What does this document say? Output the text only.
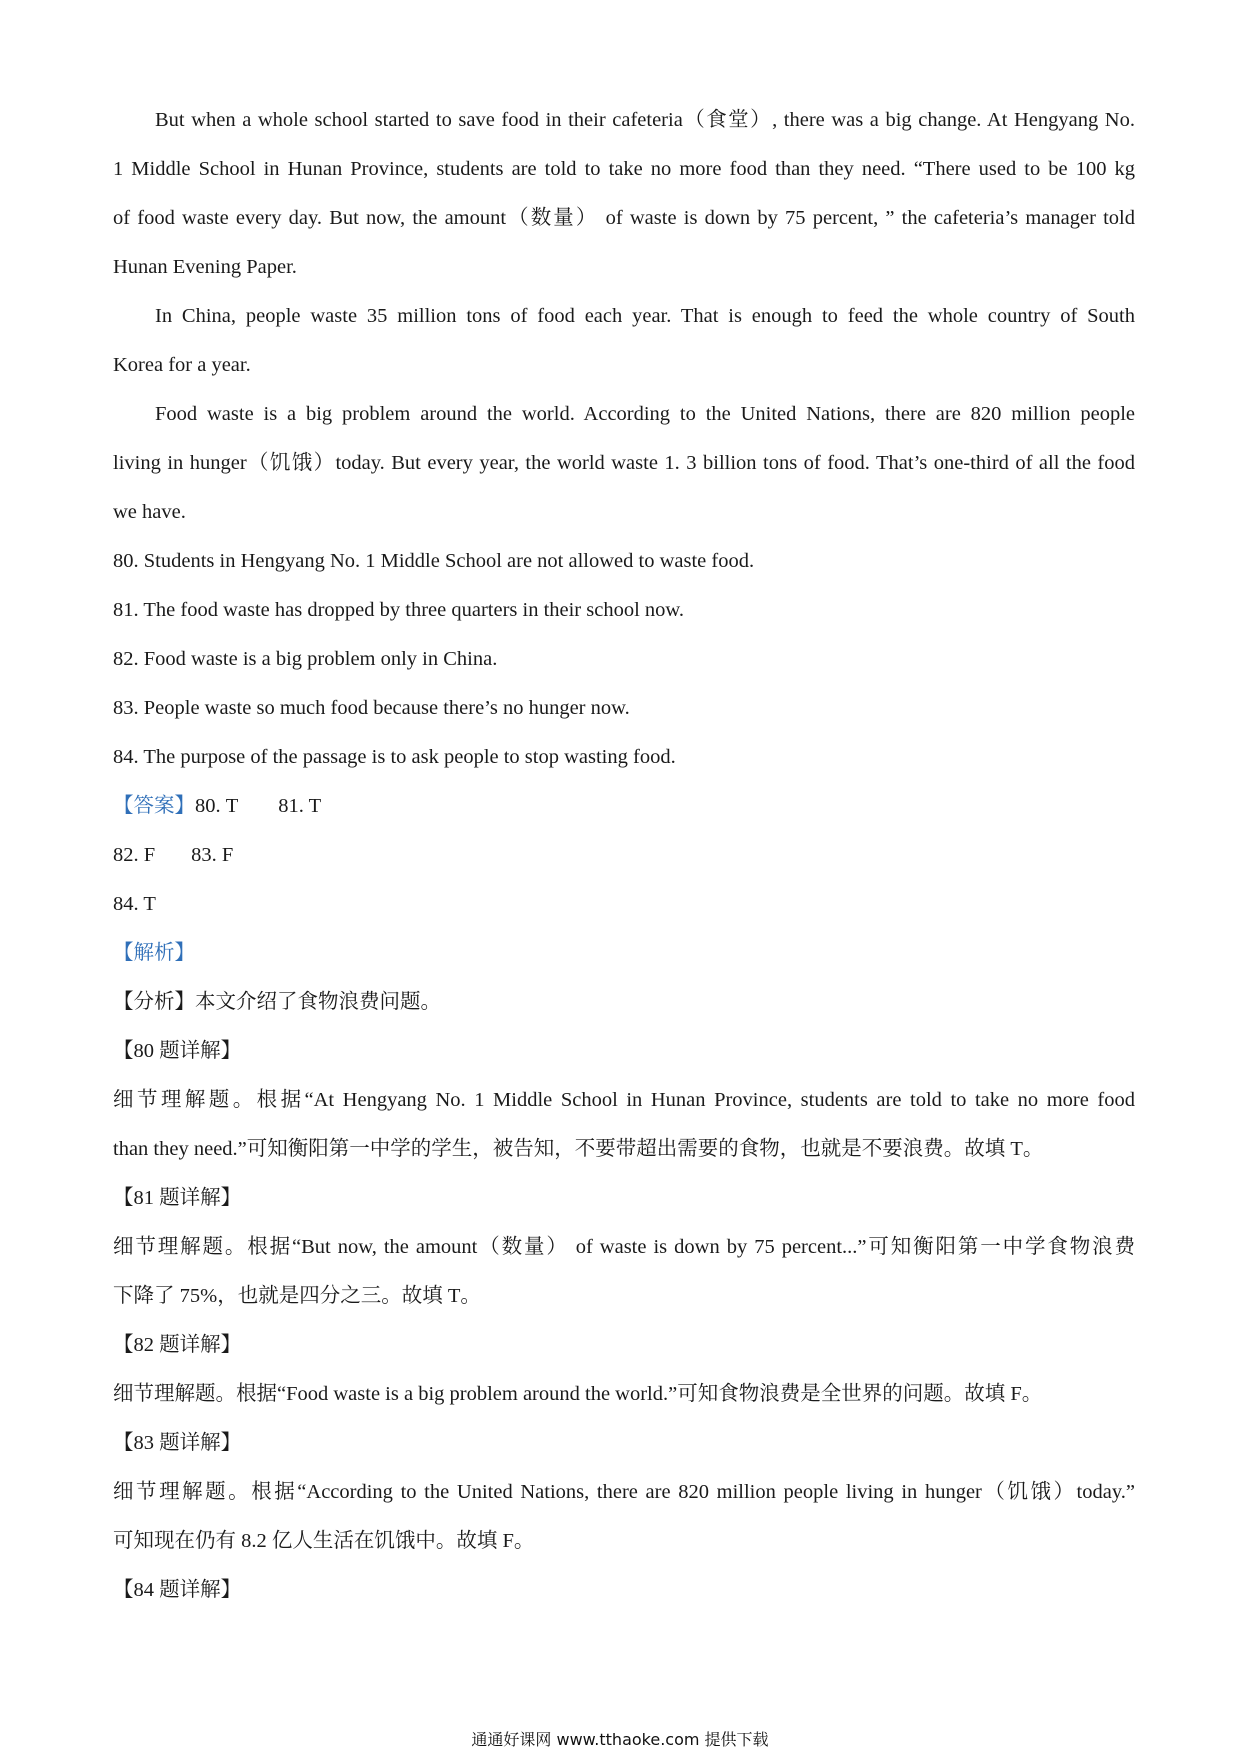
But when a whole school started to save food in their cafeteria（食堂）, there was a big change. At Hengyang No.

1 Middle School in Hunan Province, students are told to take no more food than they need. “There used to be 100 kg

of food waste every day. But now, the amount（数量） of waste is down by 75 percent, ” the cafeteria’s manager told

Hunan Evening Paper.

In China, people waste 35 million tons of food each year. That is enough to feed the whole country of South

Korea for a year.

Food waste is a big problem around the world. According to the United Nations, there are 820 million people

living in hunger（饥饿）today. But every year, the world waste 1. 3 billion tons of food. That’s one-third of all the food

we have.

80. Students in Hengyang No. 1 Middle School are not allowed to waste food.

81. The food waste has dropped by three quarters in their school now.

82. Food waste is a big problem only in China.

83. People waste so much food because there’s no hunger now.

84. The purpose of the passage is to ask people to stop wasting food.

【答案】80. T 81. T

82. F 83. F

84. T

【解析】

【分析】本文介绍了食物浪费问题。

【80 题详解】

细节理解题。根据“At Hengyang No. 1 Middle School in Hunan Province, students are told to take no more food

than they need.”可知衡阳第一中学的学生，被告知，不要带超出需要的食物，也就是不要浪费。故填 T。

【81 题详解】

细节理解题。根据“But now, the amount（数量） of waste is down by 75 percent...”可知衡阳第一中学食物浪费

下降了 75%，也就是四分之三。故填 T。

【82 题详解】

细节理解题。根据“Food waste is a big problem around the world.”可知食物浪费是全世界的问题。故填 F。

【83 题详解】

细节理解题。根据“According to the United Nations, there are 820 million people living in hunger（饥饿）today.”

可知现在仍有 8.2 亿人生活在饥饿中。故填 F。

【84 题详解】

通通好课网 www.tthaoke.com 提供下载
